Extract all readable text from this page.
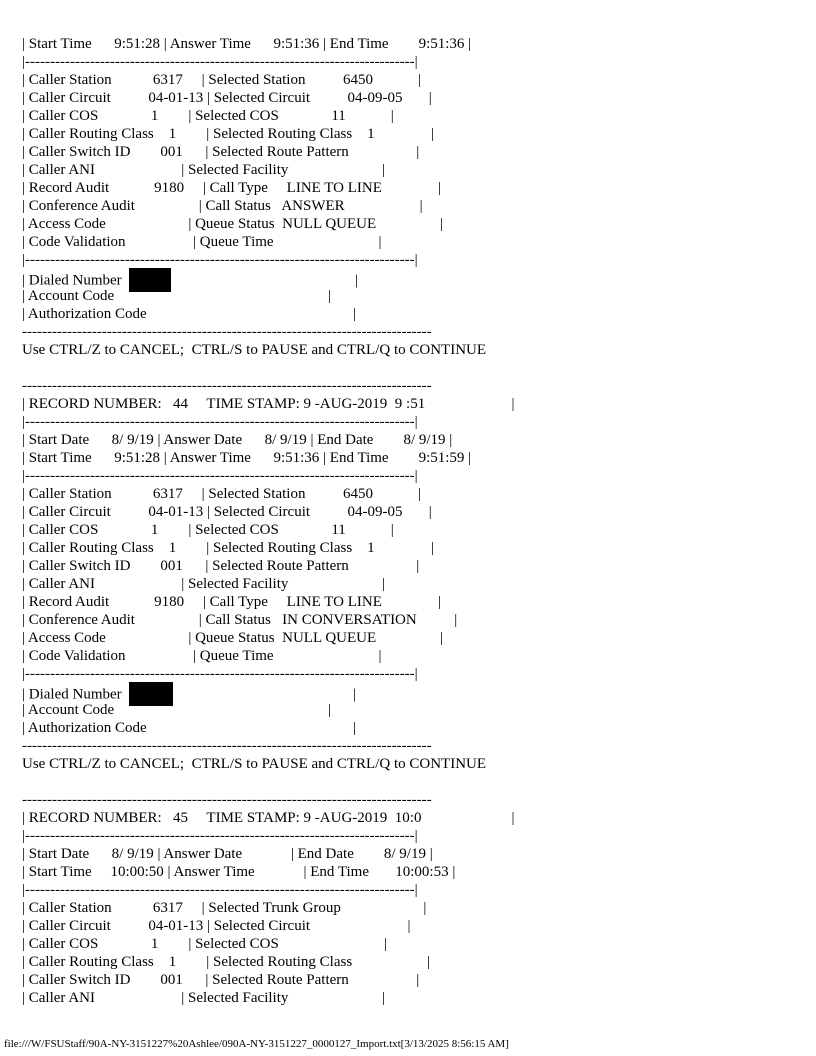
| Start Time      9:51:28 | Answer Time      9:51:36 | End Time        9:51:36 |
|------------------------------------------------------------------------------|
| Caller Station           6317     | Selected Station          6450            |
| Caller Circuit          04-01-13 | Selected Circuit          04-09-05       |
| Caller COS              1        | Selected COS              11            |
| Caller Routing Class    1        | Selected Routing Class    1               |
| Caller Switch ID        001      | Selected Route Pattern                  |
| Caller ANI                       | Selected Facility                         |
| Record Audit            9180     | Call Type     LINE TO LINE               |
| Conference Audit                 | Call Status   ANSWER                    |
| Access Code                      | Queue Status  NULL QUEUE                 |
| Code Validation                  | Queue Time                            |
|------------------------------------------------------------------------------|
| Dialed Number	|
| Account Code                                                         |
| Authorization Code                                                       |
----------------------------------------------------------------------------------
Use CTRL/Z to CANCEL;  CTRL/S to PAUSE and CTRL/Q to CONTINUE
----------------------------------------------------------------------------------
| RECORD NUMBER:   44     TIME STAMP: 9 -AUG-2019  9 :51                       |
|------------------------------------------------------------------------------|
| Start Date      8/ 9/19 | Answer Date      8/ 9/19 | End Date        8/ 9/19 |
| Start Time      9:51:28 | Answer Time      9:51:36 | End Time        9:51:59 |
|------------------------------------------------------------------------------|
| Caller Station           6317     | Selected Station          6450            |
| Caller Circuit          04-01-13 | Selected Circuit          04-09-05       |
| Caller COS              1        | Selected COS              11            |
| Caller Routing Class    1        | Selected Routing Class    1               |
| Caller Switch ID        001      | Selected Route Pattern                  |
| Caller ANI                       | Selected Facility                         |
| Record Audit            9180     | Call Type     LINE TO LINE               |
| Conference Audit                 | Call Status   IN CONVERSATION          |
| Access Code                      | Queue Status  NULL QUEUE                 |
| Code Validation                  | Queue Time                            |
|------------------------------------------------------------------------------|
| Dialed Number	|
| Account Code                                                         |
| Authorization Code                                                       |
----------------------------------------------------------------------------------
Use CTRL/Z to CANCEL;  CTRL/S to PAUSE and CTRL/Q to CONTINUE
----------------------------------------------------------------------------------
| RECORD NUMBER:   45     TIME STAMP: 9 -AUG-2019  10:0                        |
|------------------------------------------------------------------------------|
| Start Date      8/ 9/19 | Answer Date             | End Date        8/ 9/19 |
| Start Time     10:00:50 | Answer Time             | End Time       10:00:53 |
|------------------------------------------------------------------------------|
| Caller Station           6317     | Selected Trunk Group                      |
| Caller Circuit          04-01-13 | Selected Circuit                          |
| Caller COS              1        | Selected COS                            |
| Caller Routing Class    1        | Selected Routing Class                    |
| Caller Switch ID        001      | Selected Route Pattern                  |
| Caller ANI                       | Selected Facility                         |
file:///W/FSUStaff/90A-NY-3151227%20Ashlee/090A-NY-3151227_0000127_Import.txt[3/13/2025 8:56:15 AM]
